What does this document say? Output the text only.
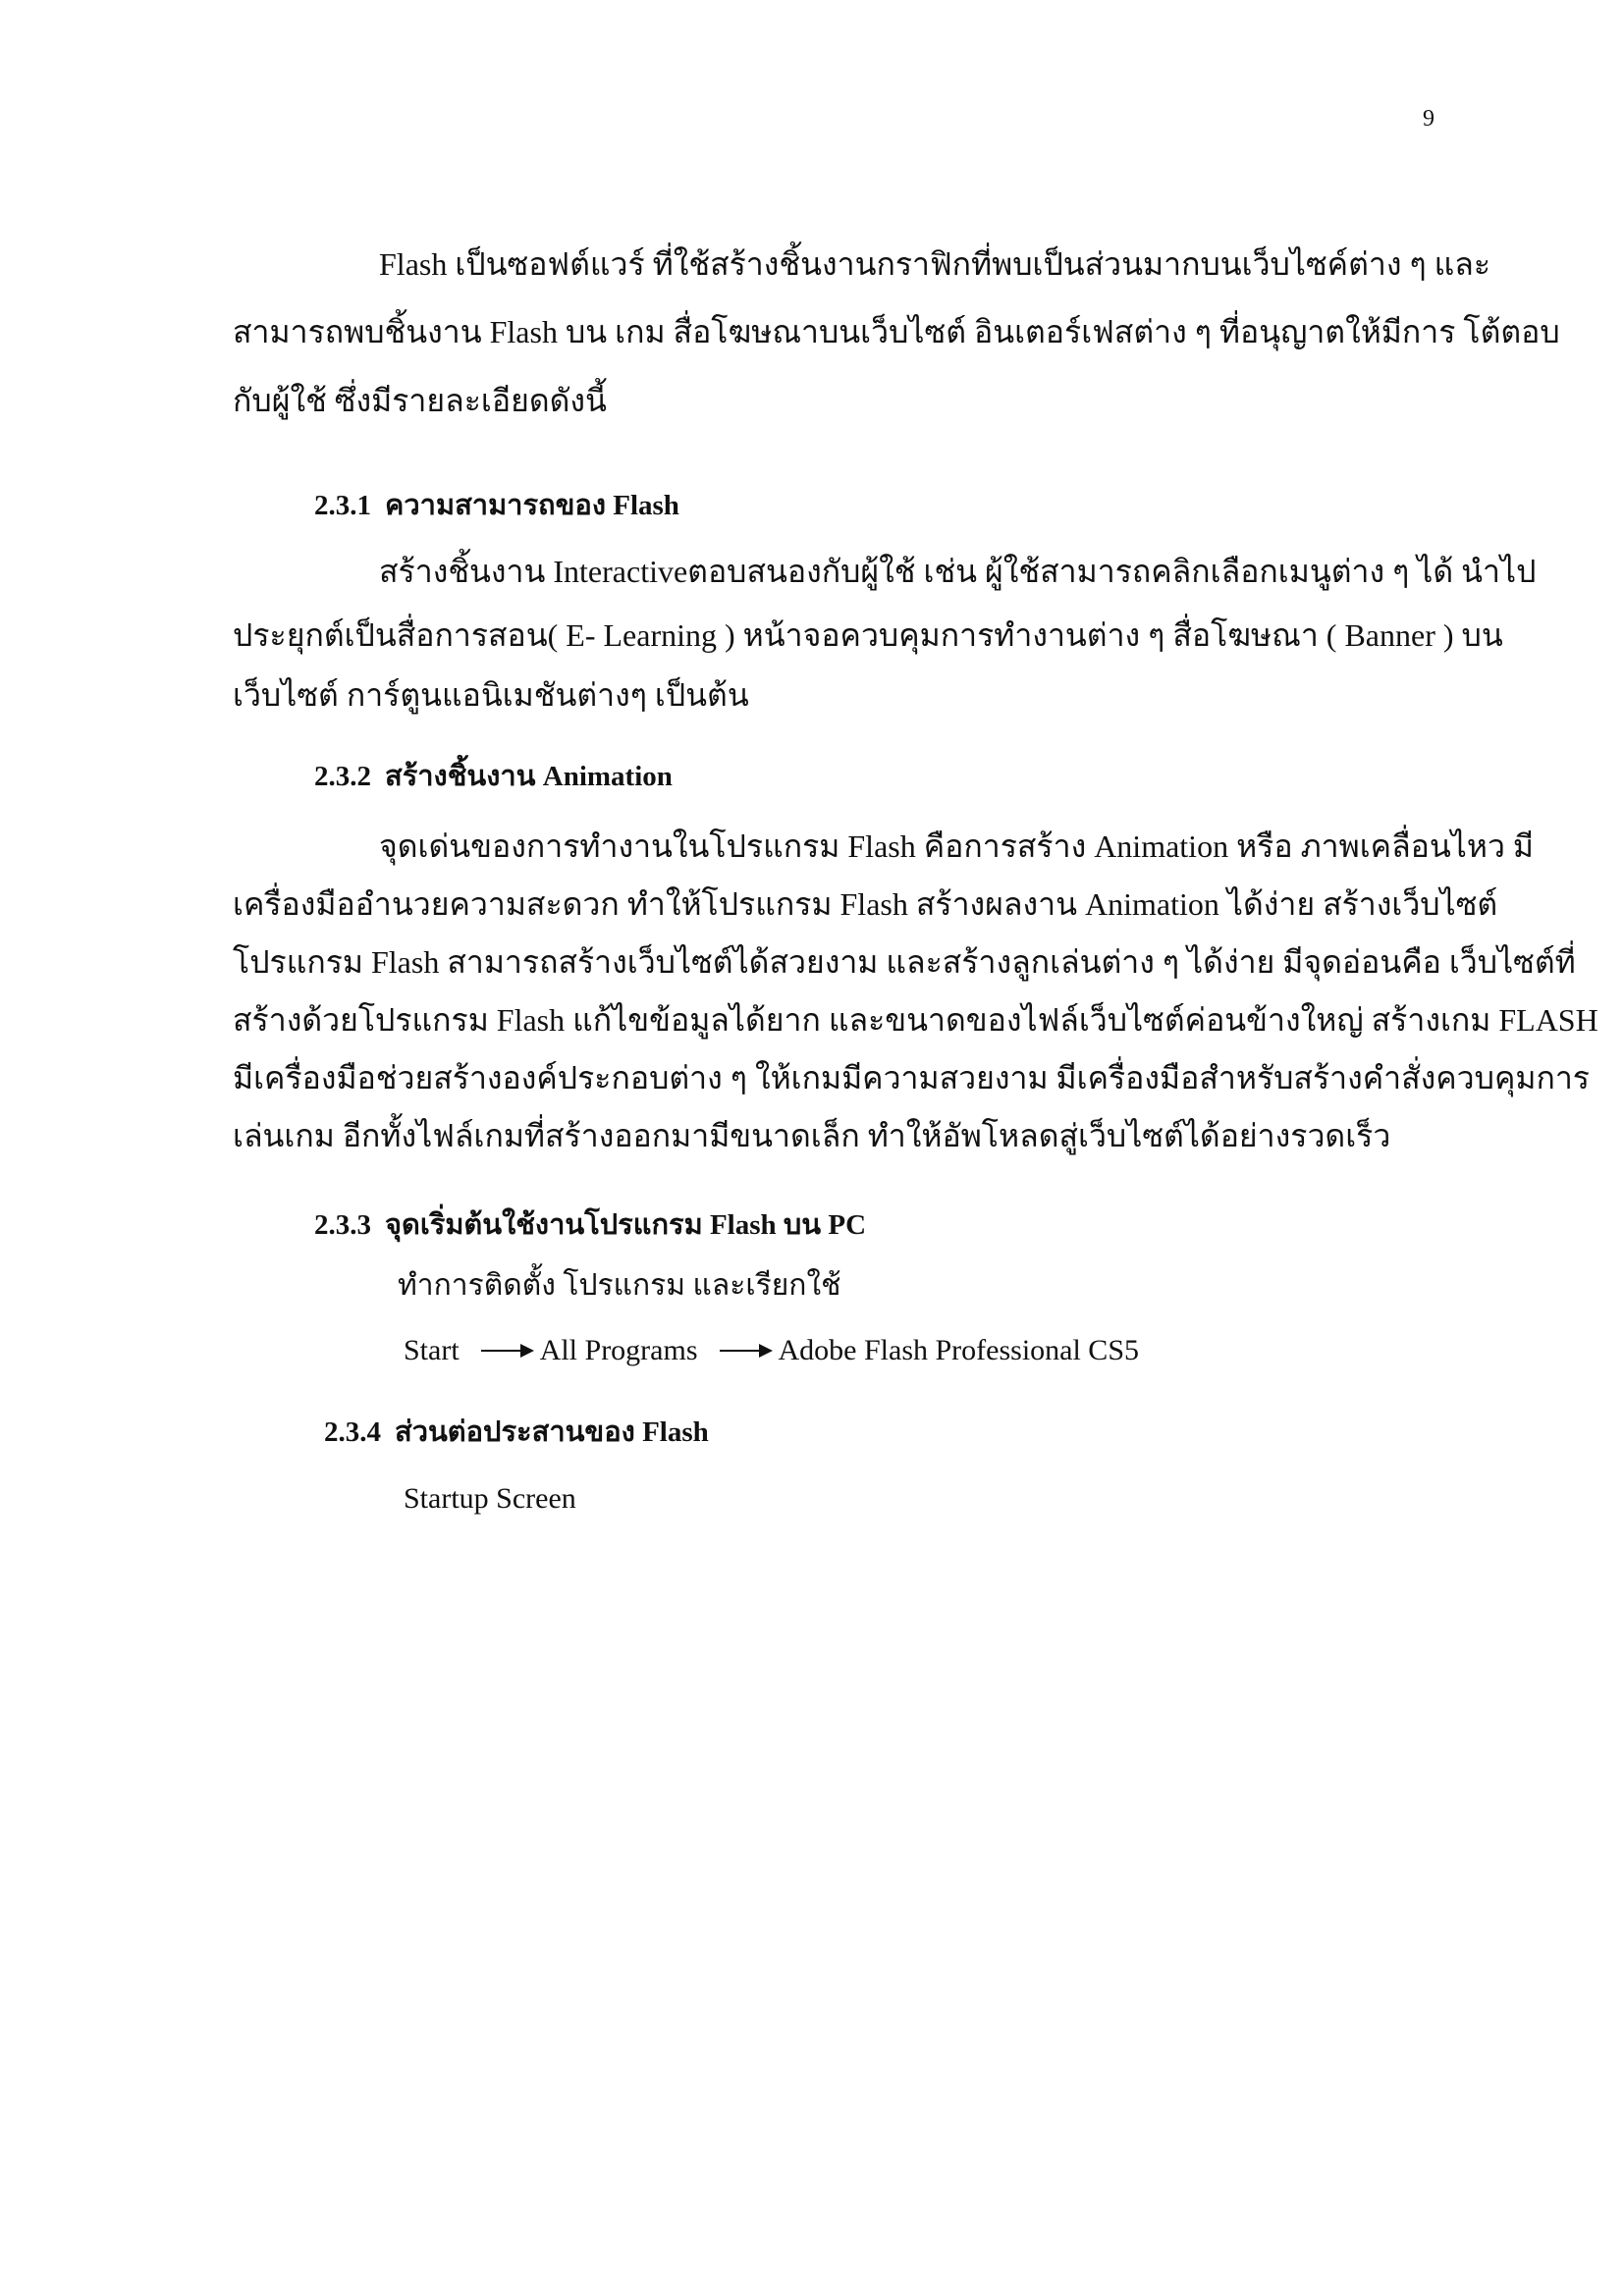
9
Flash เป็นซอฟต์แวร์ ที่ใช้สร้างชิ้นงานกราฟิกที่พบเป็นส่วนมากบนเว็บไซค์ต่าง ๆ และ
สามารถพบชิ้นงาน Flash บน เกม สื่อโฆษณาบนเว็บไซต์ อินเตอร์เฟสต่าง ๆ ที่อนุญาตให้มีการ โต้ตอบ
กับผู้ใช้ ซึ่งมีรายละเอียดดังนี้
2.3.1 ความสามารถของ Flash
สร้างชิ้นงาน Interactiveตอบสนองกับผู้ใช้ เช่น ผู้ใช้สามารถคลิกเลือกเมนูต่าง ๆ ได้ นำไป
ประยุกต์เป็นสื่อการสอน( E- Learning ) หน้าจอควบคุมการทำงานต่าง ๆ สื่อโฆษณา ( Banner ) บน
เว็บไซต์ การ์ตูนแอนิเมชันต่างๆ เป็นต้น
2.3.2 สร้างชิ้นงาน Animation
จุดเด่นของการทำงานในโปรแกรม Flash คือการสร้าง Animation หรือ ภาพเคลื่อนไหว มี
เครื่องมืออำนวยความสะดวก ทำให้โปรแกรม Flash สร้างผลงาน Animation ได้ง่าย สร้างเว็บไซต์
โปรแกรม Flash สามารถสร้างเว็บไซต์ได้สวยงาม และสร้างลูกเล่นต่าง ๆ ได้ง่าย มีจุดอ่อนคือ เว็บไซต์ที่
สร้างด้วยโปรแกรม Flash แก้ไขข้อมูลได้ยาก และขนาดของไฟล์เว็บไซต์ค่อนข้างใหญ่ สร้างเกม FLASH
มีเครื่องมือช่วยสร้างองค์ประกอบต่าง ๆ ให้เกมมีความสวยงาม มีเครื่องมือสำหรับสร้างคำสั่งควบคุมการ
เล่นเกม อีกทั้งไฟล์เกมที่สร้างออกมามีขนาดเล็ก ทำให้อัพโหลดสู่เว็บไซต์ได้อย่างรวดเร็ว
2.3.3 จุดเริ่มต้นใช้งานโปรแกรม Flash บน PC
ทำการติดตั้ง โปรแกรม และเรียกใช้
Start	All Programs	Adobe Flash Professional CS5
2.3.4 ส่วนต่อประสานของ Flash
Startup Screen
